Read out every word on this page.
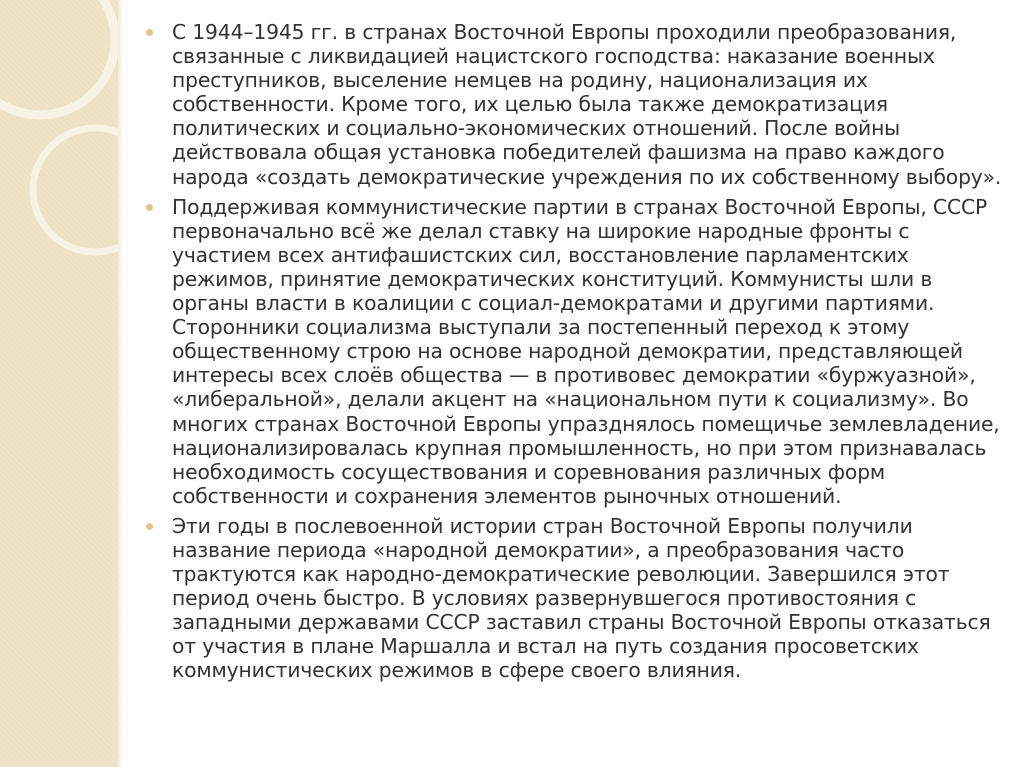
С 1944–1945 гг. в странах Восточной Европы проходили преобразования, связанные с ликвидацией нацистского господства: наказание военных преступников, выселение немцев на родину, национализация их собственности. Кроме того, их целью была также демократизация политических и социально-экономических отношений. После войны действовала общая установка победителей фашизма на право каждого народа «создать демократические учреждения по их собственному выбору».
Поддерживая коммунистические партии в странах Восточной Европы, СССР первоначально всё же делал ставку на широкие народные фронты с участием всех антифашистских сил, восстановление парламентских режимов, принятие демократических конституций. Коммунисты шли в органы власти в коалиции с социал-демократами и другими партиями. Сторонники социализма выступали за постепенный переход к этому общественному строю на основе народной демократии, представляющей интересы всех слоёв общества — в противовес демократии «буржуазной», «либеральной», делали акцент на «национальном пути к социализму». Во многих странах Восточной Европы упразднялось помещичье землевладение, национализировалась крупная промышленность, но при этом признавалась необходимость сосуществования и соревнования различных форм собственности и сохранения элементов рыночных отношений.
Эти годы в послевоенной истории стран Восточной Европы получили название периода «народной демократии», а преобразования часто трактуются как народно-демократические революции. Завершился этот период очень быстро. В условиях развернувшегося противостояния с западными державами СССР заставил страны Восточной Европы отказаться от участия в плане Маршалла и встал на путь создания просоветских коммунистических режимов в сфере своего влияния.
